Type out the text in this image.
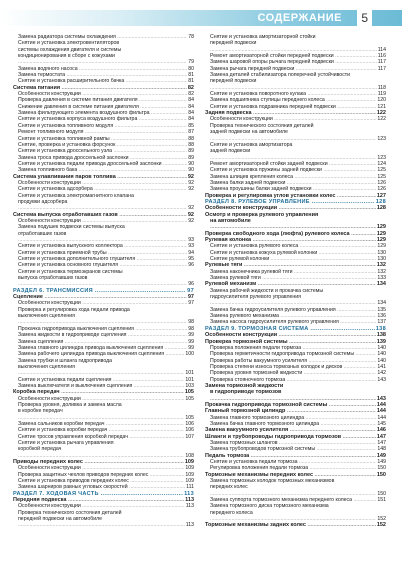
СОДЕРЖАНИЕ	5
Замена радиатора системы охлаждения .....	78
Снятие и установка электровентиляторов
системы охлаждения двигателя и системы
кондиционирования в сборе с кожухами .....
79
Замена водяного насоса .....	80
Замена термостата .....	81
Снятие и установка расширительного бачка .....	81
Система питания .....	82
Особенности конструкции .....	82
Проверка давления в системе питания двигателя .....	84
Снижение давления в системе питания двигателя .....	84
Замена фильтрующего элемента воздушного фильтра .....	84
Снятие и установка корпуса воздушного фильтра .....	84
Снятие и установка топливного модуля .....	85
Ремонт топливного модуля .....	87
Снятие и установка топливной рампы .....	88
Снятие, проверка и установка форсунок .....	88
Снятие и установка дроссельного узла .....	89
Замена троса привода дроссельной заслонки .....	89
Снятие и установка педали привода дроссельной заслонки .....	90
Замена топливного бака .....	90
Система улавливания паров топлива .....	92
Особенности конструкции .....	92
Снятие и установка адсорбера .....	92
Снятие и установка электромагнитного клапана
продувки адсорбера .....
92
Система выпуска отработавших газов .....	92
Особенности конструкции .....	92
Замена подушек подвески системы выпуска
отработавших газов .....
93
Снятие и установка выпускного коллектора .....	93
Снятие и установка приемной трубы .....	94
Снятие и установка дополнительного глушителя .....	95
Снятие и установка основного глушителя .....	96
Снятие и установка термоэкранов системы
выпуска отработавших газов .....
96
РАЗДЕЛ 6. ТРАНСМИССИЯ .....	97
Сцепление .....	97
Особенности конструкции .....	97
Проверка и регулировка хода педали привода
выключения сцепления .....
98
Прокачка гидропривода выключения сцепления .....	98
Замена жидкости в гидроприводе сцепления .....	99
Замена сцепления .....	99
Замена главного цилиндра привода выключения сцепления .....	99
Замена рабочего цилиндра привода выключения сцепления .....	100
Замена трубки и шланга гидропривода
выключения сцепления .....
101
Снятие и установка педали сцепления .....	101
Замена выключателя и выключения сцепления .....	103
Коробка передач .....	105
Особенности конструкции .....	105
Проверка уровня, доливка и замена масла
в коробке передач .....
105
Замена сальников коробки передач .....	106
Снятие и установка коробки передач .....	106
Снятие тросов управления коробкой передач .....	107
Снятие и установка рычага управления
коробкой передач .....
108
Приводы передних колес .....	109
Особенности конструкции .....	109
Проверка защитных чехлов приводов передних колес .....	109
Снятие и установка приводов передних колес .....	109
Замена шарниров равных угловых скоростей .....	111
РАЗДЕЛ 7. ХОДОВАЯ ЧАСТЬ .....	113
Передняя подвеска .....	113
Особенности конструкции .....	113
Проверка технического состояния деталей
передней подвески на автомобиле .....
113
Снятие и установка амортизаторной стойки
передней подвески .....
114
Ремонт амортизаторной стойки передней подвески .....	116
Замена шаровой опоры рычага передней подвески .....	117
Замена рычага передней подвески .....	117
Замена деталей стабилизатора поперечной устойчивости
передней подвески .....
118
Снятие и установка поворотного кулака .....	119
Замена подшипника ступицы переднего колеса .....	120
Снятие и установка подрамника передней подвески .....	121
Задняя подвеска .....	122
Особенности конструкции .....	122
Проверка технического состояния деталей
задней подвески на автомобиле .....
123
Снятие и установка амортизатора
задней подвески .....
123
Ремонт амортизаторной стойки задней подвески .....	124
Снятие и установка пружины задней подвески .....	125
Замена шлицев крепления колеса .....	125
Замена балки задней подвески .....	126
Замена проушины балки задней подвески .....	126
Проверка и регулировка углов установки колес .....	127
РАЗДЕЛ 8. РУЛЕВОЕ УПРАВЛЕНИЕ .....	128
Особенности конструкции .....	128
Осмотр и проверка рулевого управления
на автомобиле .....
129
Проверка свободного хода (люфта) рулевого колеса .....	129
Рулевая колонка .....	129
Снятие и установка рулевого колеса .....	129
Снятие и установка кожуха рулевой колонки .....	130
Снятие рулевой колонки .....	130
Рулевые тяги .....	132
Замена наконечника рулевой тяги .....	132
Замена рулевой тяги .....	133
Рулевой механизм .....	134
Замена рабочей жидкости и прокачка системы
гидроусилителя рулевого управления .....
134
Замена бачка гидроусилителя рулевого управления .....	135
Замена рулевого механизма .....	136
Замена насоса гидроусилителя рулевого управления .....	137
РАЗДЕЛ 9. ТОРМОЗНАЯ СИСТЕМА .....	138
Особенности конструкции .....	138
Проверка тормозной системы .....	139
Проверка положения педали тормоза .....	140
Проверка герметичности гидропривода тормозной системы .....	140
Проверка работы вакуумного усилителя .....	140
Проверка степени износа тормозных колодок и дисков .....	141
Проверка уровня тормозной жидкости .....	142
Проверка стояночного тормоза .....	143
Замена тормозной жидкости
в гидроприводе тормозов .....
143
Прокачка гидропривода тормозной системы .....	144
Главный тормозной цилиндр .....	144
Замена главного тормозного цилиндра .....	144
Замена бачка главного тормозного цилиндра .....	145
Замена вакуумного усилителя .....	146
Шланги и трубопроводы гидропривода тормозов .....	147
Замена тормозных шлангов .....	147
Замена трубопроводов тормозной системы .....	148
Педаль тормоза .....	149
Снятие и установка педали тормоза .....	149
Регулировка положения педали тормоза .....	150
Тормозные механизмы передних колес .....	150
Замена тормозных колодок тормозных механизмов
передних колес .....
150
Замена суппорта тормозного механизма переднего колеса .....	151
Замена тормозного диска тормозного механизма
переднего колеса .....
152
Тормозные механизмы задних колес .....	152
